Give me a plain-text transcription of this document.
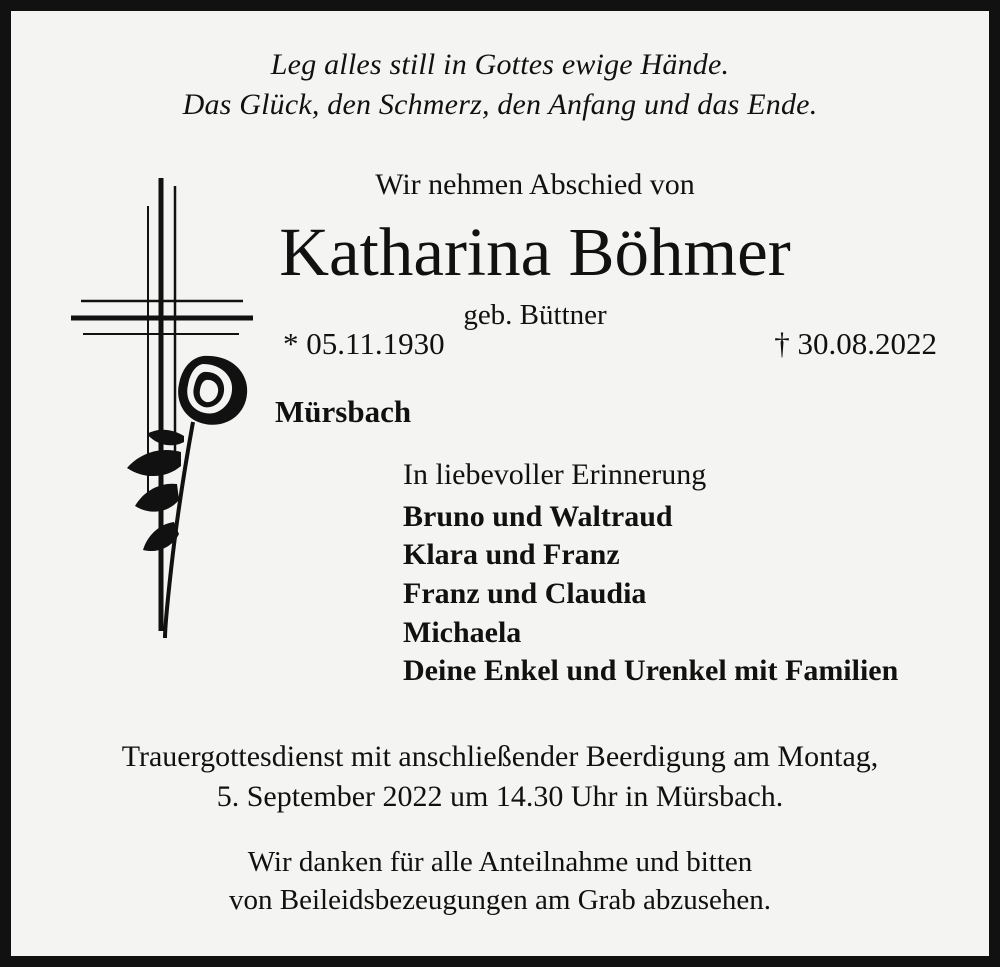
Leg alles still in Gottes ewige Hände.
Das Glück, den Schmerz, den Anfang und das Ende.
Wir nehmen Abschied von
Katharina Böhmer
geb. Büttner
* 05.11.1930	† 30.08.2022
Mürsbach
In liebevoller Erinnerung
Bruno und Waltraud
Klara und Franz
Franz und Claudia
Michaela
Deine Enkel und Urenkel mit Familien
Trauergottesdienst mit anschließender Beerdigung am Montag,
5. September 2022 um 14.30 Uhr in Mürsbach.
Wir danken für alle Anteilnahme und bitten
von Beileidsbezeugungen am Grab abzusehen.
